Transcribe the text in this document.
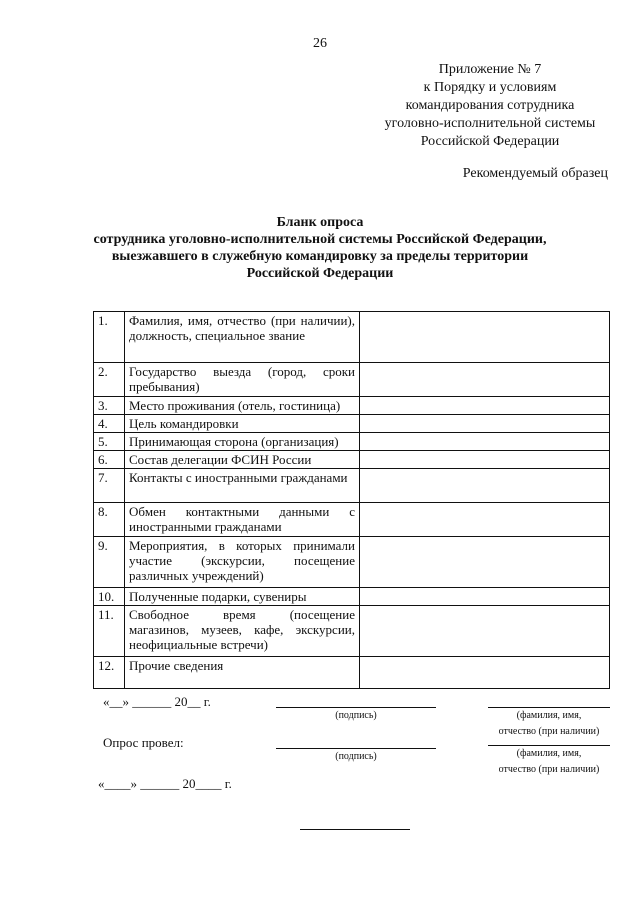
26
Приложение № 7
к Порядку и условиям
командирования сотрудника
уголовно-исполнительной системы
Российской Федерации
Рекомендуемый образец
Бланк опроса
сотрудника уголовно-исполнительной системы Российской Федерации,
выезжавшего в служебную командировку за пределы территории
Российской Федерации
1.	Фамилия, имя, отчество (при наличии), должность, специальное звание	
2.	Государство выезда (город, сроки пребывания)	
3.	Место проживания (отель, гостиница)	
4.	Цель командировки	
5.	Принимающая сторона (организация)	
6.	Состав делегации ФСИН России	
7.	Контакты с иностранными гражданами	
8.	Обмен контактными данными с иностранными гражданами	
9.	Мероприятия, в которых принимали участие (экскурсии, посещение различных учреждений)	
10.	Полученные подарки, сувениры	
11.	Свободное время (посещение магазинов, музеев, кафе, экскурсии, неофициальные встречи)	
12.	Прочие сведения	
«__» ______ 20__ г.
(подпись)	(фамилия, имя,
отчество (при наличии)
Опрос провел:
(подпись)	(фамилия, имя,
отчество (при наличии)
«____» ______ 20____ г.
